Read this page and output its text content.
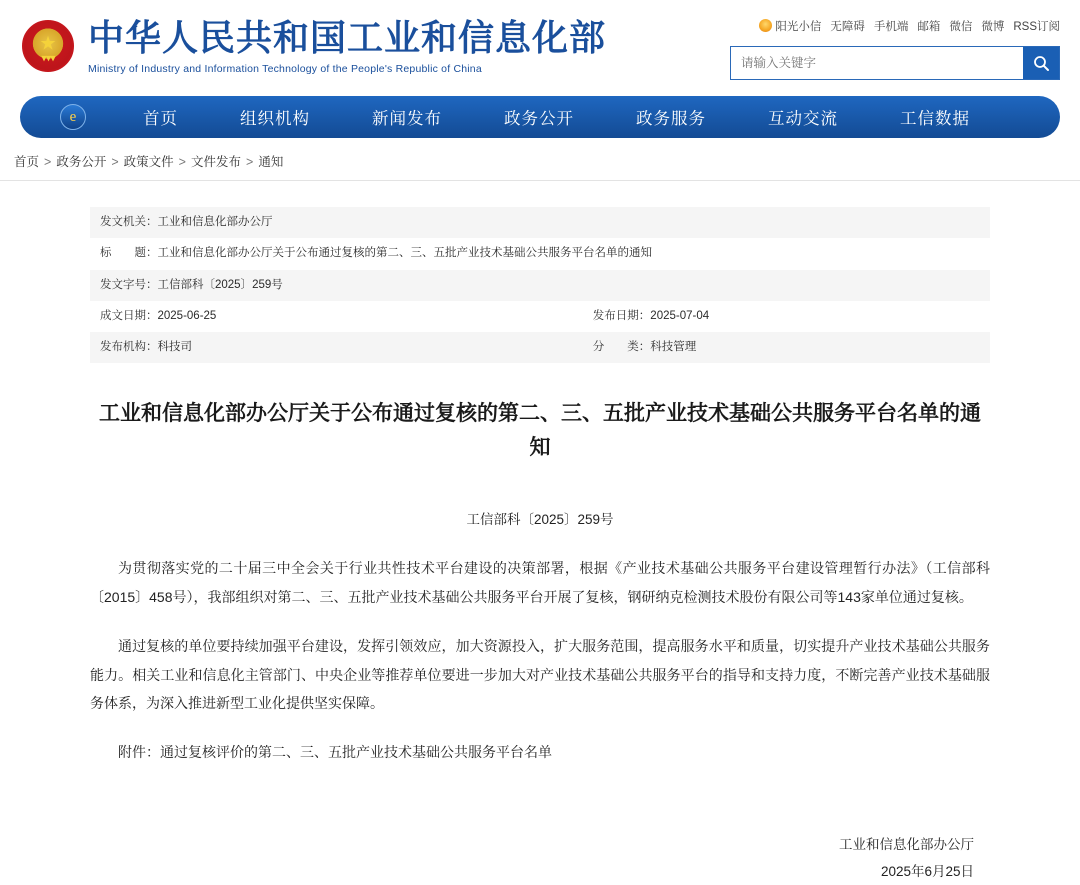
★
▾▾▾
中华人民共和国工业和信息化部
Ministry of Industry and Information Technology of the People's Republic of China
阳光小信 无障碍 手机端 邮箱 微信 微博 RSS订阅
请输入关键字
e	首页	组织机构	新闻发布	政务公开	政务服务	互动交流	工信数据
首页 > 政务公开 > 政策文件 > 文件发布 > 通知
发文机关： 工业和信息化部办公厅
标　　题： 工业和信息化部办公厅关于公布通过复核的第二、三、五批产业技术基础公共服务平台名单的通知
发文字号： 工信部科〔2025〕259号
成文日期： 2025-06-25	发布日期： 2025-07-04
发布机构： 科技司	分　　类： 科技管理
工业和信息化部办公厅关于公布通过复核的第二、三、五批产业技术基础公共服务平台名单的通知
工信部科〔2025〕259号

为贯彻落实党的二十届三中全会关于行业共性技术平台建设的决策部署，根据《产业技术基础公共服务平台建设管理暂行办法》（工信部科〔2015〕458号），我部组织对第二、三、五批产业技术基础公共服务平台开展了复核，钢研纳克检测技术股份有限公司等143家单位通过复核。

通过复核的单位要持续加强平台建设，发挥引领效应，加大资源投入，扩大服务范围，提高服务水平和质量，切实提升产业技术基础公共服务能力。相关工业和信息化主管部门、中央企业等推荐单位要进一步加大对产业技术基础公共服务平台的指导和支持力度，不断完善产业技术基础服务体系，为深入推进新型工业化提供坚实保障。

附件：通过复核评价的第二、三、五批产业技术基础公共服务平台名单

工业和信息化部办公厅
2025年6月25日
